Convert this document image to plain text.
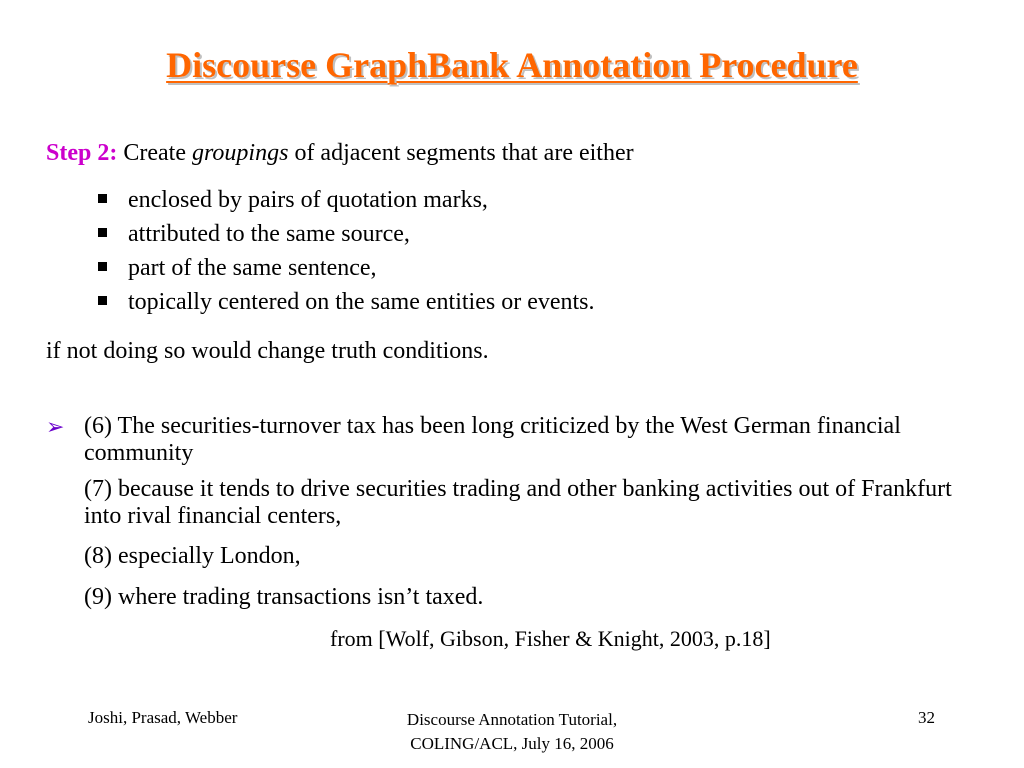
Discourse GraphBank Annotation Procedure
Step 2: Create groupings of adjacent segments that are either
enclosed by pairs of quotation marks,
attributed to the same source,
part of the same sentence,
topically centered on the same entities or events.
if not doing so would change truth conditions.
➢ (6) The securities-turnover tax has been long criticized by the West German financial community
(7) because it tends to drive securities trading and other banking activities out of Frankfurt into rival financial centers,
(8) especially London,
(9) where trading transactions isn’t taxed.
from [Wolf, Gibson, Fisher & Knight, 2003, p.18]
Joshi, Prasad, Webber	Discourse Annotation Tutorial,
COLING/ACL, July 16, 2006
32
